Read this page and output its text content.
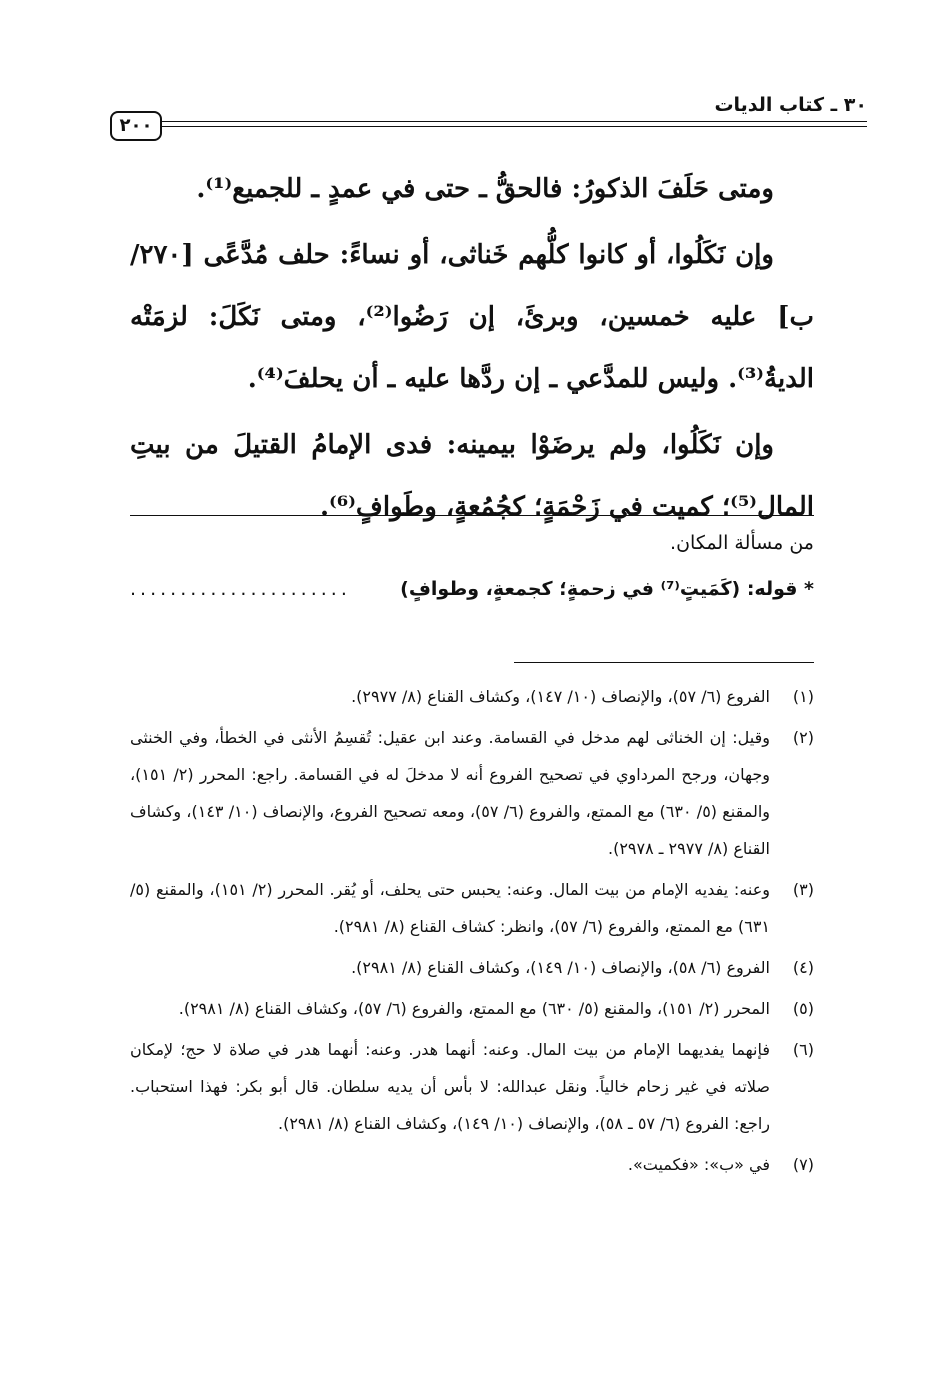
٣٠ ـ كتاب الديات
٢٠٠

ومتى حَلَفَ الذكورُ: فالحقُّ ـ حتى في عمدٍ ـ للجميع⁽¹⁾.

وإن نَكَلُوا، أو كانوا كلُّهم خَناثى، أو نساءً: حلف مُدَّعًى [٢٧٠/ ب] عليه خمسين، وبرئَ، إن رَضُوا⁽²⁾، ومتى نَكَلَ: لزمَتْه الديةُ⁽³⁾. وليس للمدَّعي ـ إن ردَّها عليه ـ أن يحلفَ⁽⁴⁾.

وإن نَكَلُوا، ولم يرضَوْا بيمينه: فدى الإمامُ القتيلَ من بيتِ المال⁽⁵⁾؛ كميت في زَحْمَةٍ؛ كجُمُعةٍ، وطَوافٍ⁽⁶⁾.

من مسألة المكان.

* قوله: (كَمَيتٍ⁽⁷⁾ في زحمةٍ؛ كجمعةٍ، وطوافٍ)
......................

(١)
الفروع (٦/ ٥٧)، والإنصاف (١٠/ ١٤٧)، وكشاف القناع (٨/ ٢٩٧٧).
(٢)
وقيل: إن الخناثى لهم مدخل في القسامة. وعند ابن عقيل: تُقسِمُ الأنثى في الخطأ، وفي الخنثى وجهان، ورجح المرداوي في تصحيح الفروع أنه لا مدخلَ له في القسامة. راجع: المحرر (٢/ ١٥١)، والمقنع (٥/ ٦٣٠) مع الممتع، والفروع (٦/ ٥٧)، ومعه تصحيح الفروع، والإنصاف (١٠/ ١٤٣)، وكشاف القناع (٨/ ٢٩٧٧ ـ ٢٩٧٨).
(٣)
وعنه: يفديه الإمام من بيت المال. وعنه: يحبس حتى يحلف، أو يُقر. المحرر (٢/ ١٥١)، والمقنع (٥/ ٦٣١) مع الممتع، والفروع (٦/ ٥٧)، وانظر: كشاف القناع (٨/ ٢٩٨١).
(٤)
الفروع (٦/ ٥٨)، والإنصاف (١٠/ ١٤٩)، وكشاف القناع (٨/ ٢٩٨١).
(٥)
المحرر (٢/ ١٥١)، والمقنع (٥/ ٦٣٠) مع الممتع، والفروع (٦/ ٥٧)، وكشاف القناع (٨/ ٢٩٨١).
(٦)
فإنهما يفديهما الإمام من بيت المال. وعنه: أنهما هدر. وعنه: أنهما هدر في صلاة لا حج؛ لإمكان صلاته في غير زحام خالياً. ونقل عبدالله: لا بأس أن يديه سلطان. قال أبو بكر: فهذا استحباب. راجع: الفروع (٦/ ٥٧ ـ ٥٨)، والإنصاف (١٠/ ١٤٩)، وكشاف القناع (٨/ ٢٩٨١).
(٧)
في «ب»: «فكميت».
